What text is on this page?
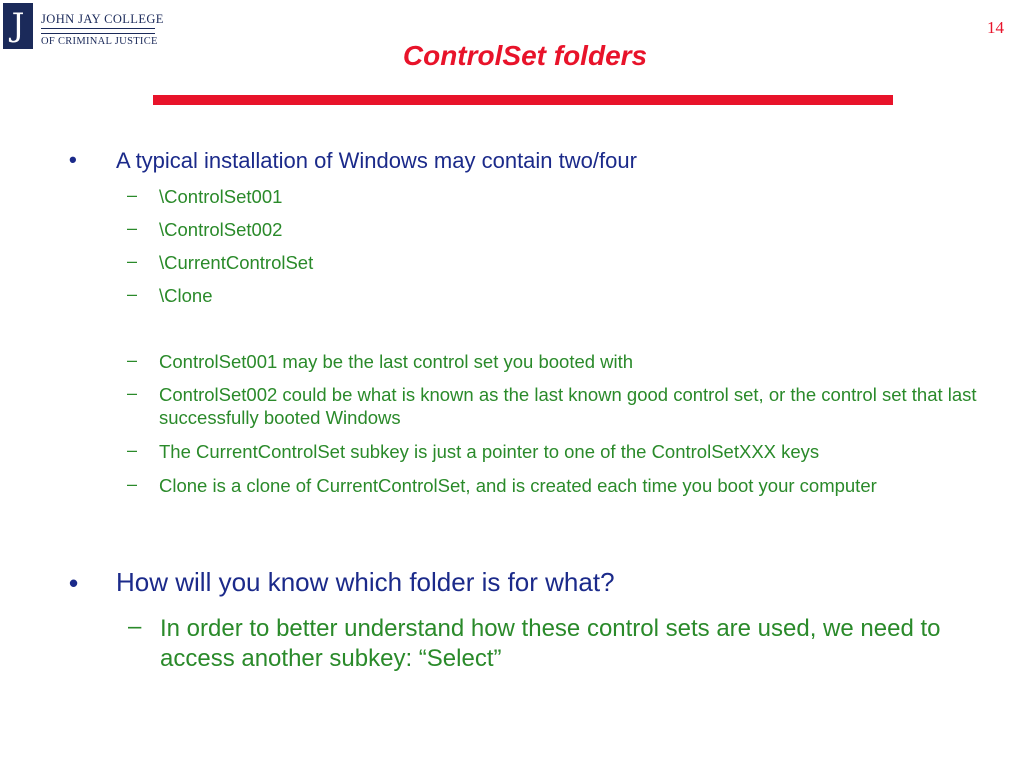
J	JOHN JAY COLLEGE
OF CRIMINAL JUSTICE
14
ControlSet folders
• A typical installation of Windows may contain two/four
– \ControlSet001
– \ControlSet002
– \CurrentControlSet
– \Clone
– ControlSet001 may be the last control set you booted with
– ControlSet002 could be what is known as the last known good control set, or the control set that last successfully booted Windows
– The CurrentControlSet subkey is just a pointer to one of the ControlSetXXX keys
– Clone is a clone of CurrentControlSet, and is created each time you boot your computer
• How will you know which folder is for what?
– In order to better understand how these control sets are used, we need to access another subkey: “Select”
